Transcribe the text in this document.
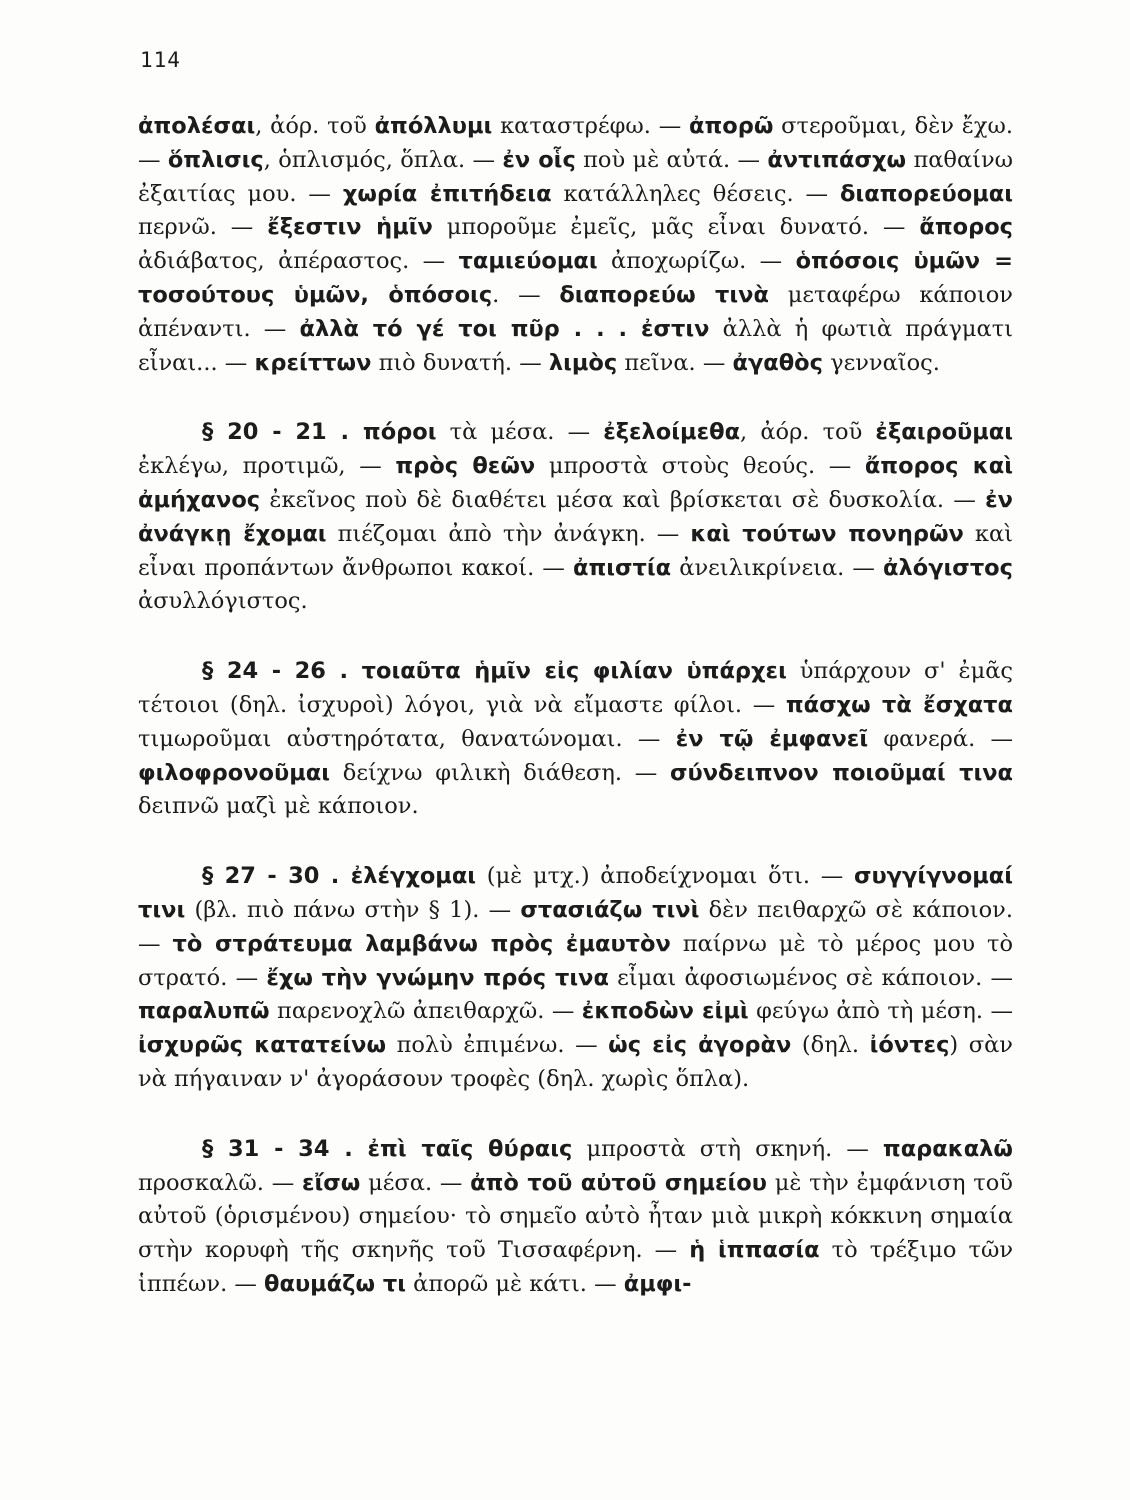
114

ἀπολέσαι, ἀόρ. τοῦ ἀπόλλυμι καταστρέφω. — ἀπορῶ στεροῦμαι, δὲν ἔχω. — ὅπλισις, ὁπλισμός, ὅπλα. — ἐν οἷς ποὺ μὲ αὐτά. — ἀντιπάσχω παθαίνω ἐξαιτίας μου. — χωρία ἐπιτήδεια κατάλληλες θέσεις. — διαπορεύομαι περνῶ. — ἔξεστιν ἡμῖν μποροῦμε ἐμεῖς, μᾶς εἶναι δυνατό. — ἄπορος ἀδιάβατος, ἀπέραστος. — ταμιεύομαι ἀποχωρίζω. — ὁπόσοις ὑμῶν = τοσούτους ὑμῶν, ὁπόσοις. — διαπορεύω τινὰ μεταφέρω κάποιον ἀπέναντι. — ἀλλὰ τό γέ τοι πῦρ . . . ἐστιν ἀλλὰ ἡ φωτιὰ πράγματι εἶναι... — κρείττων πιὸ δυνατή. — λιμὸς πεῖνα. — ἀγαθὸς γενναῖος.

§ 20 - 21 . πόροι τὰ μέσα. — ἐξελοίμεθα, ἀόρ. τοῦ ἐξαιροῦμαι ἐκλέγω, προτιμῶ, — πρὸς θεῶν μπροστὰ στοὺς θεούς. — ἄπορος καὶ ἀμήχανος ἐκεῖνος ποὺ δὲ διαθέτει μέσα καὶ βρίσκεται σὲ δυσκολία. — ἐν ἀνάγκῃ ἔχομαι πιέζομαι ἀπὸ τὴν ἀνάγκη. — καὶ τούτων πονηρῶν καὶ εἶναι προπάντων ἄνθρωποι κακοί. — ἀπιστία ἀνειλικρίνεια. — ἀλόγιστος ἀσυλλόγιστος.

§ 24 - 26 . τοιαῦτα ἡμῖν εἰς φιλίαν ὑπάρχει ὑπάρχουν σ' ἐμᾶς τέτοιοι (δηλ. ἰσχυροὶ) λόγοι, γιὰ νὰ εἴμαστε φίλοι. — πάσχω τὰ ἔσχατα τιμωροῦμαι αὐστηρότατα, θανατώνομαι. — ἐν τῷ ἐμφανεῖ φανερά. — φιλοφρονοῦμαι δείχνω φιλικὴ διάθεση. — σύνδειπνον ποιοῦμαί τινα δειπνῶ μαζὶ μὲ κάποιον.

§ 27 - 30 . ἐλέγχομαι (μὲ μτχ.) ἀποδείχνομαι ὅτι. — συγγίγνομαί τινι (βλ. πιὸ πάνω στὴν § 1). — στασιάζω τινὶ δὲν πειθαρχῶ σὲ κάποιον. — τὸ στράτευμα λαμβάνω πρὸς ἐμαυτὸν παίρνω μὲ τὸ μέρος μου τὸ στρατό. — ἔχω τὴν γνώμην πρός τινα εἶμαι ἀφοσιωμένος σὲ κάποιον. — παραλυπῶ παρενοχλῶ ἀπειθαρχῶ. — ἐκποδὼν εἰμὶ φεύγω ἀπὸ τὴ μέση. — ἰσχυρῶς κατατείνω πολὺ ἐπιμένω. — ὡς εἰς ἀγορὰν (δηλ. ἰόντες) σὰν νὰ πήγαιναν ν' ἀγοράσουν τροφὲς (δηλ. χωρὶς ὅπλα).

§ 31 - 34 . ἐπὶ ταῖς θύραις μπροστὰ στὴ σκηνή. — παρακαλῶ προσκαλῶ. — εἴσω μέσα. — ἀπὸ τοῦ αὐτοῦ σημείου μὲ τὴν ἐμφάνιση τοῦ αὐτοῦ (ὁρισμένου) σημείου· τὸ σημεῖο αὐτὸ ἦταν μιὰ μικρὴ κόκκινη σημαία στὴν κορυφὴ τῆς σκηνῆς τοῦ Τισσαφέρνη. — ἡ ἱππασία τὸ τρέξιμο τῶν ἱππέων. — θαυμάζω τι ἀπορῶ μὲ κάτι. — ἀμφι-
